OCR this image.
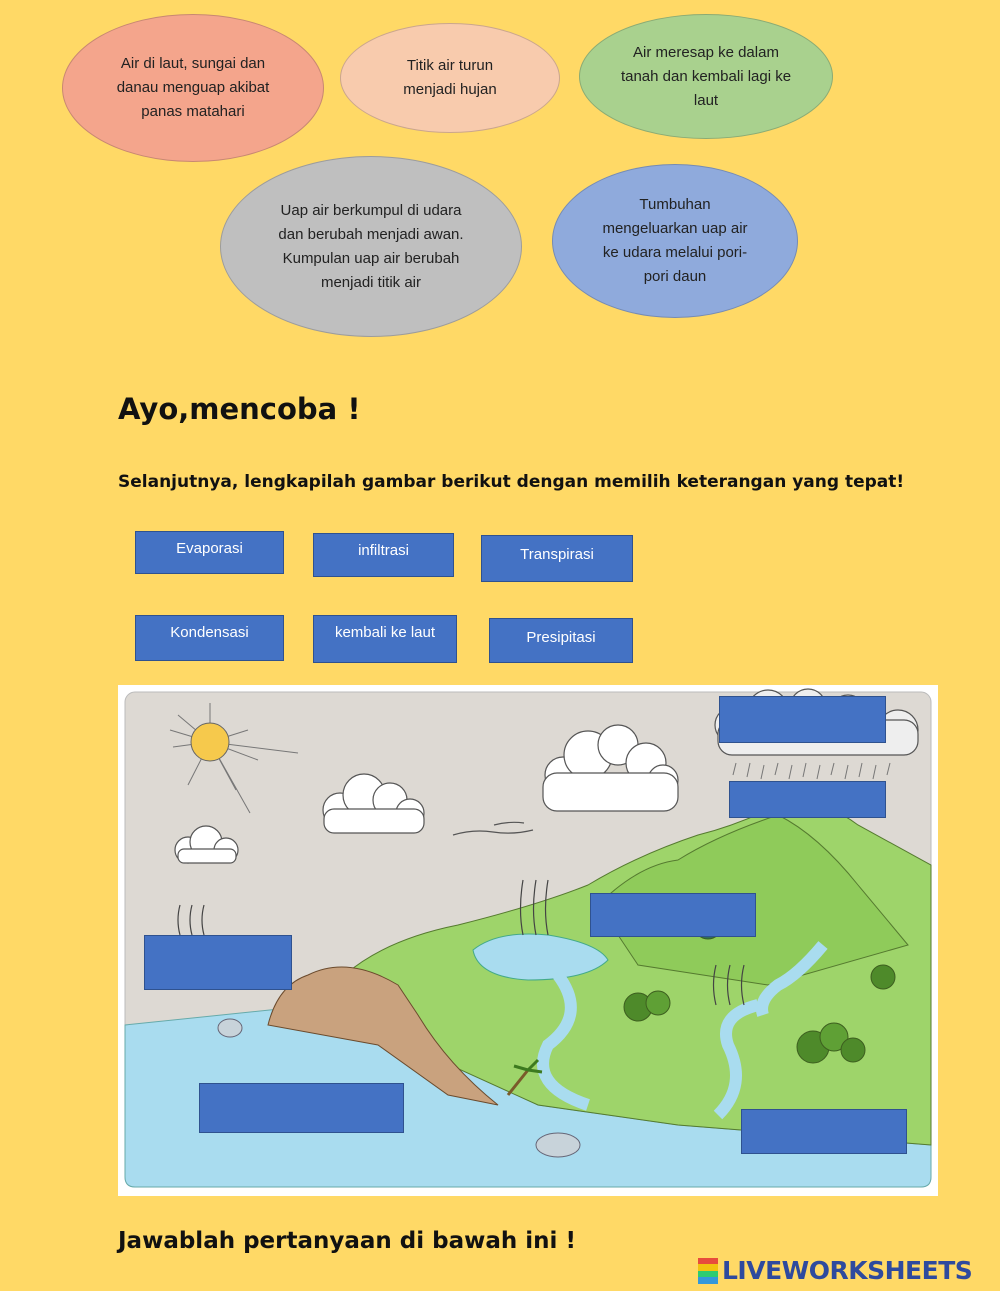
Air di laut, sungai dan danau menguap akibat panas matahari
Titik air turun menjadi hujan
Air meresap ke dalam tanah dan kembali lagi ke laut
Uap air berkumpul di udara dan berubah menjadi awan. Kumpulan uap air berubah menjadi titik air
Tumbuhan mengeluarkan uap air ke udara melalui pori-pori daun
Ayo,mencoba !
Selanjutnya, lengkapilah gambar berikut dengan memilih keterangan yang tepat!
Evaporasi	infiltrasi	Transpirasi
Kondensasi	kembali ke laut	Presipitasi
Jawablah pertanyaan di bawah ini !
LIVEWORKSHEETS
